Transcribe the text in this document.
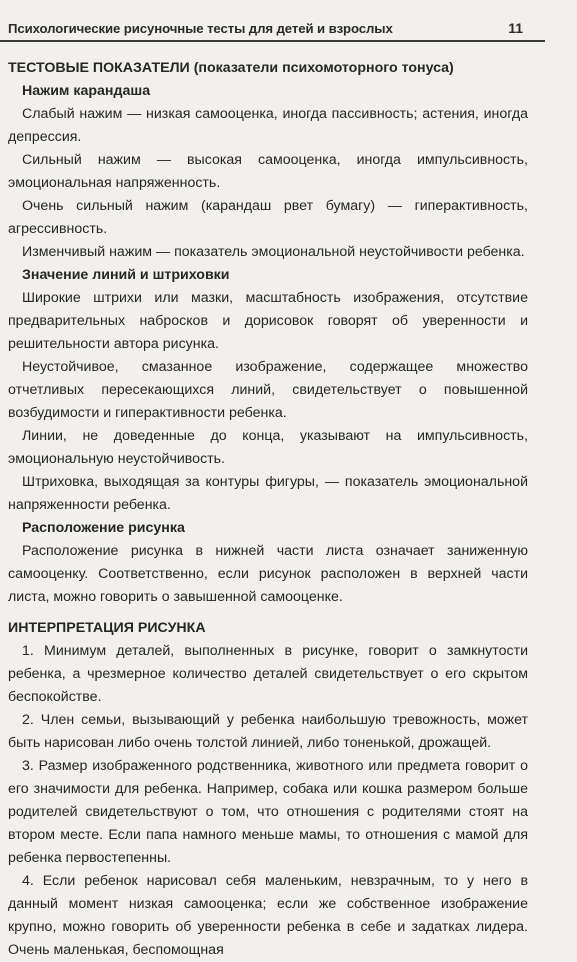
Психологические рисуночные тесты для детей и взрослых	11
ТЕСТОВЫЕ ПОКАЗАТЕЛИ (показатели психомоторного тонуса)
Нажим карандаша

Слабый нажим — низкая самооценка, иногда пассивность; астения, иногда депрессия.

Сильный нажим — высокая самооценка, иногда импульсивность, эмоциональная напряженность.

Очень сильный нажим (карандаш рвет бумагу) — гиперактивность, агрессивность.

Изменчивый нажим — показатель эмоциональной неустойчивости ребенка.

Значение линий и штриховки

Широкие штрихи или мазки, масштабность изображения, отсутствие предварительных набросков и дорисовок говорят об уверенности и решительности автора рисунка.

Неустойчивое, смазанное изображение, содержащее множество отчетливых пересекающихся линий, свидетельствует о повышенной возбудимости и гиперактивности ребенка.

Линии, не доведенные до конца, указывают на импульсивность, эмоциональную неустойчивость.

Штриховка, выходящая за контуры фигуры, — показатель эмоциональной напряженности ребенка.

Расположение рисунка

Расположение рисунка в нижней части листа означает заниженную самооценку. Соответственно, если рисунок расположен в верхней части листа, можно говорить о завышенной самооценке.

ИНТЕРПРЕТАЦИЯ РИСУНКА

1. Минимум деталей, выполненных в рисунке, говорит о замкнутости ребенка, а чрезмерное количество деталей свидетельствует о его скрытом беспокойстве.

2. Член семьи, вызывающий у ребенка наибольшую тревожность, может быть нарисован либо очень толстой линией, либо тоненькой, дрожащей.

3. Размер изображенного родственника, животного или предмета говорит о его значимости для ребенка. Например, собака или кошка размером больше родителей свидетельствуют о том, что отношения с родителями стоят на втором месте. Если папа намного меньше мамы, то отношения с мамой для ребенка первостепенны.

4. Если ребенок нарисовал себя маленьким, невзрачным, то у него в данный момент низкая самооценка; если же собственное изображение крупно, можно говорить об уверенности ребенка в себе и задатках лидера. Очень маленькая, беспомощная
